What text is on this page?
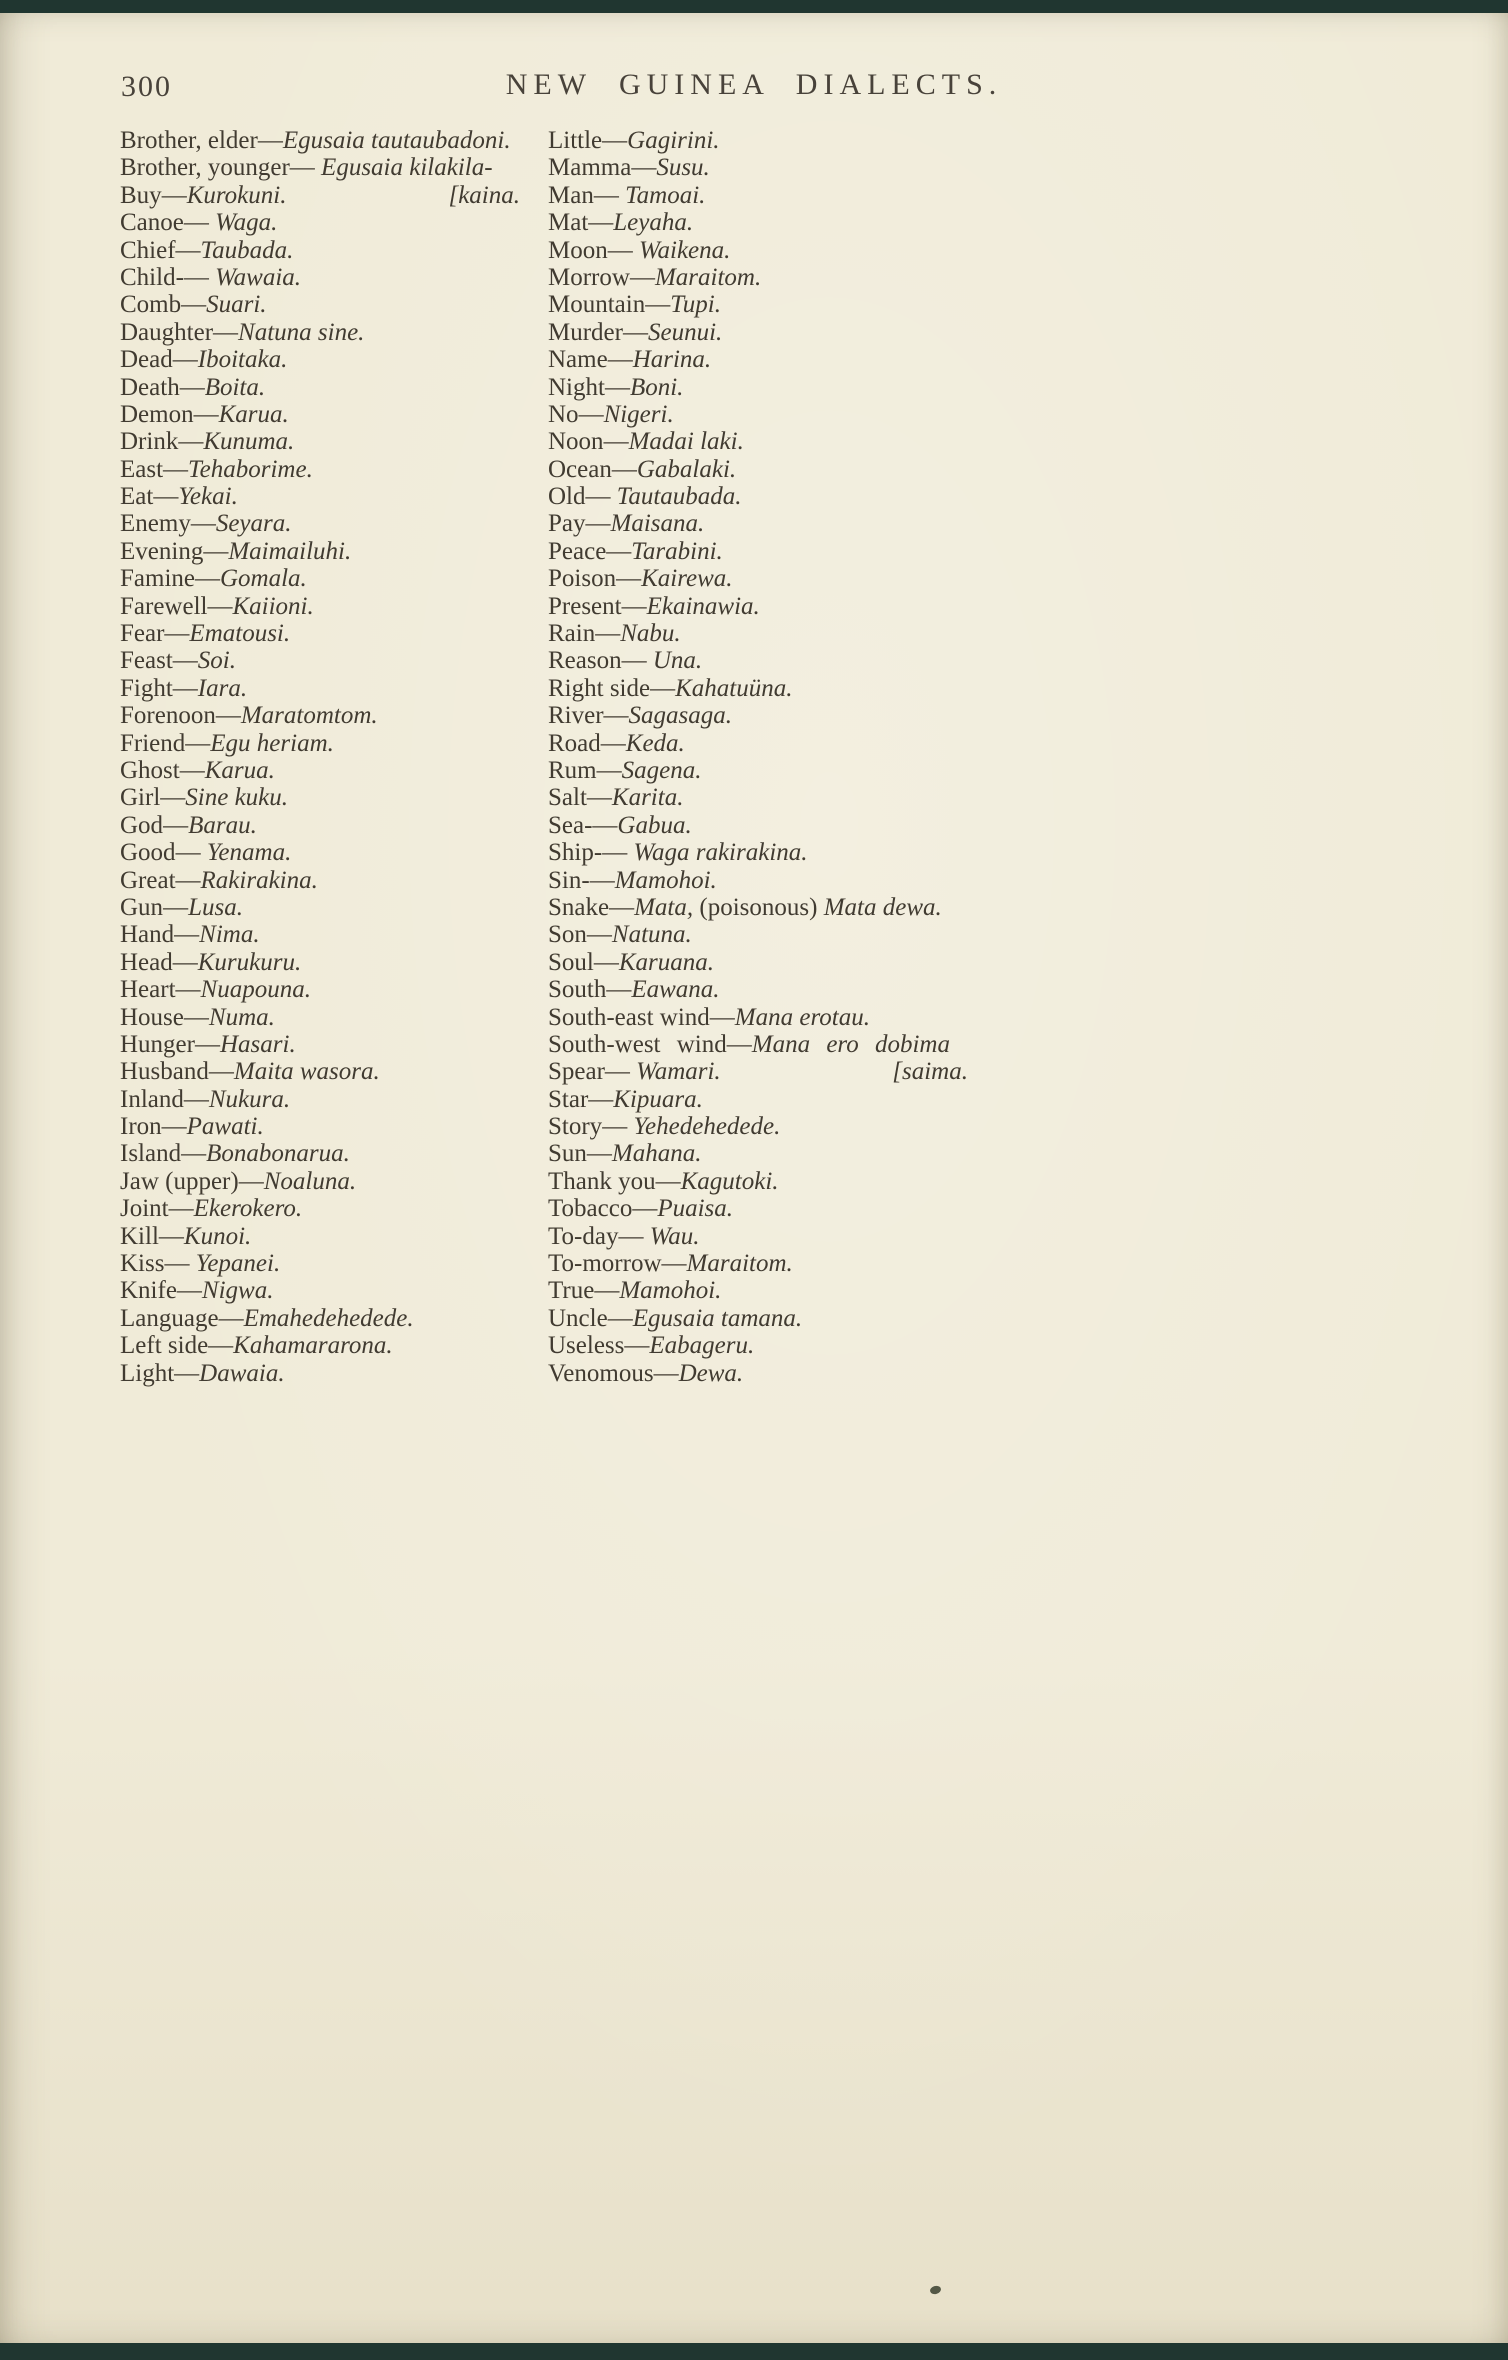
300	NEW GUINEA DIALECTS.
Brother, elder—Egusaia tautaubadoni.
Brother, younger— Egusaia kilakila-
Buy—Kurokuni.	[kaina.
Canoe— Waga.
Chief—Taubada.
Child-— Wawaia.
Comb—Suari.
Daughter—Natuna sine.
Dead—Iboitaka.
Death—Boita.
Demon—Karua.
Drink—Kunuma.
East—Tehaborime.
Eat—Yekai.
Enemy—Seyara.
Evening—Maimailuhi.
Famine—Gomala.
Farewell—Kaiioni.
Fear—Ematousi.
Feast—Soi.
Fight—Iara.
Forenoon—Maratomtom.
Friend—Egu heriam.
Ghost—Karua.
Girl—Sine kuku.
God—Barau.
Good— Yenama.
Great—Rakirakina.
Gun—Lusa.
Hand—Nima.
Head—Kurukuru.
Heart—Nuapouna.
House—Numa.
Hunger—Hasari.
Husband—Maita wasora.
Inland—Nukura.
Iron—Pawati.
Island—Bonabonarua.
Jaw (upper)—Noaluna.
Joint—Ekerokero.
Kill—Kunoi.
Kiss— Yepanei.
Knife—Nigwa.
Language—Emahedehedede.
Left side—Kahamararona.
Light—Dawaia.
Little—Gagirini.
Mamma—Susu.
Man— Tamoai.
Mat—Leyaha.
Moon— Waikena.
Morrow—Maraitom.
Mountain—Tupi.
Murder—Seunui.
Name—Harina.
Night—Boni.
No—Nigeri.
Noon—Madai laki.
Ocean—Gabalaki.
Old— Tautaubada.
Pay—Maisana.
Peace—Tarabini.
Poison—Kairewa.
Present—Ekainawia.
Rain—Nabu.
Reason— Una.
Right side—Kahatuüna.
River—Sagasaga.
Road—Keda.
Rum—Sagena.
Salt—Karita.
Sea-—Gabua.
Ship-— Waga rakirakina.
Sin-—Mamohoi.
Snake—Mata, (poisonous) Mata dewa.
Son—Natuna.
Soul—Karuana.
South—Eawana.
South-east wind—Mana erotau.
South-west wind—Mana ero dobima
Spear— Wamari.	[saima.
Star—Kipuara.
Story— Yehedehedede.
Sun—Mahana.
Thank you—Kagutoki.
Tobacco—Puaisa.
To-day— Wau.
To-morrow—Maraitom.
True—Mamohoi.
Uncle—Egusaia tamana.
Useless—Eabageru.
Venomous—Dewa.
